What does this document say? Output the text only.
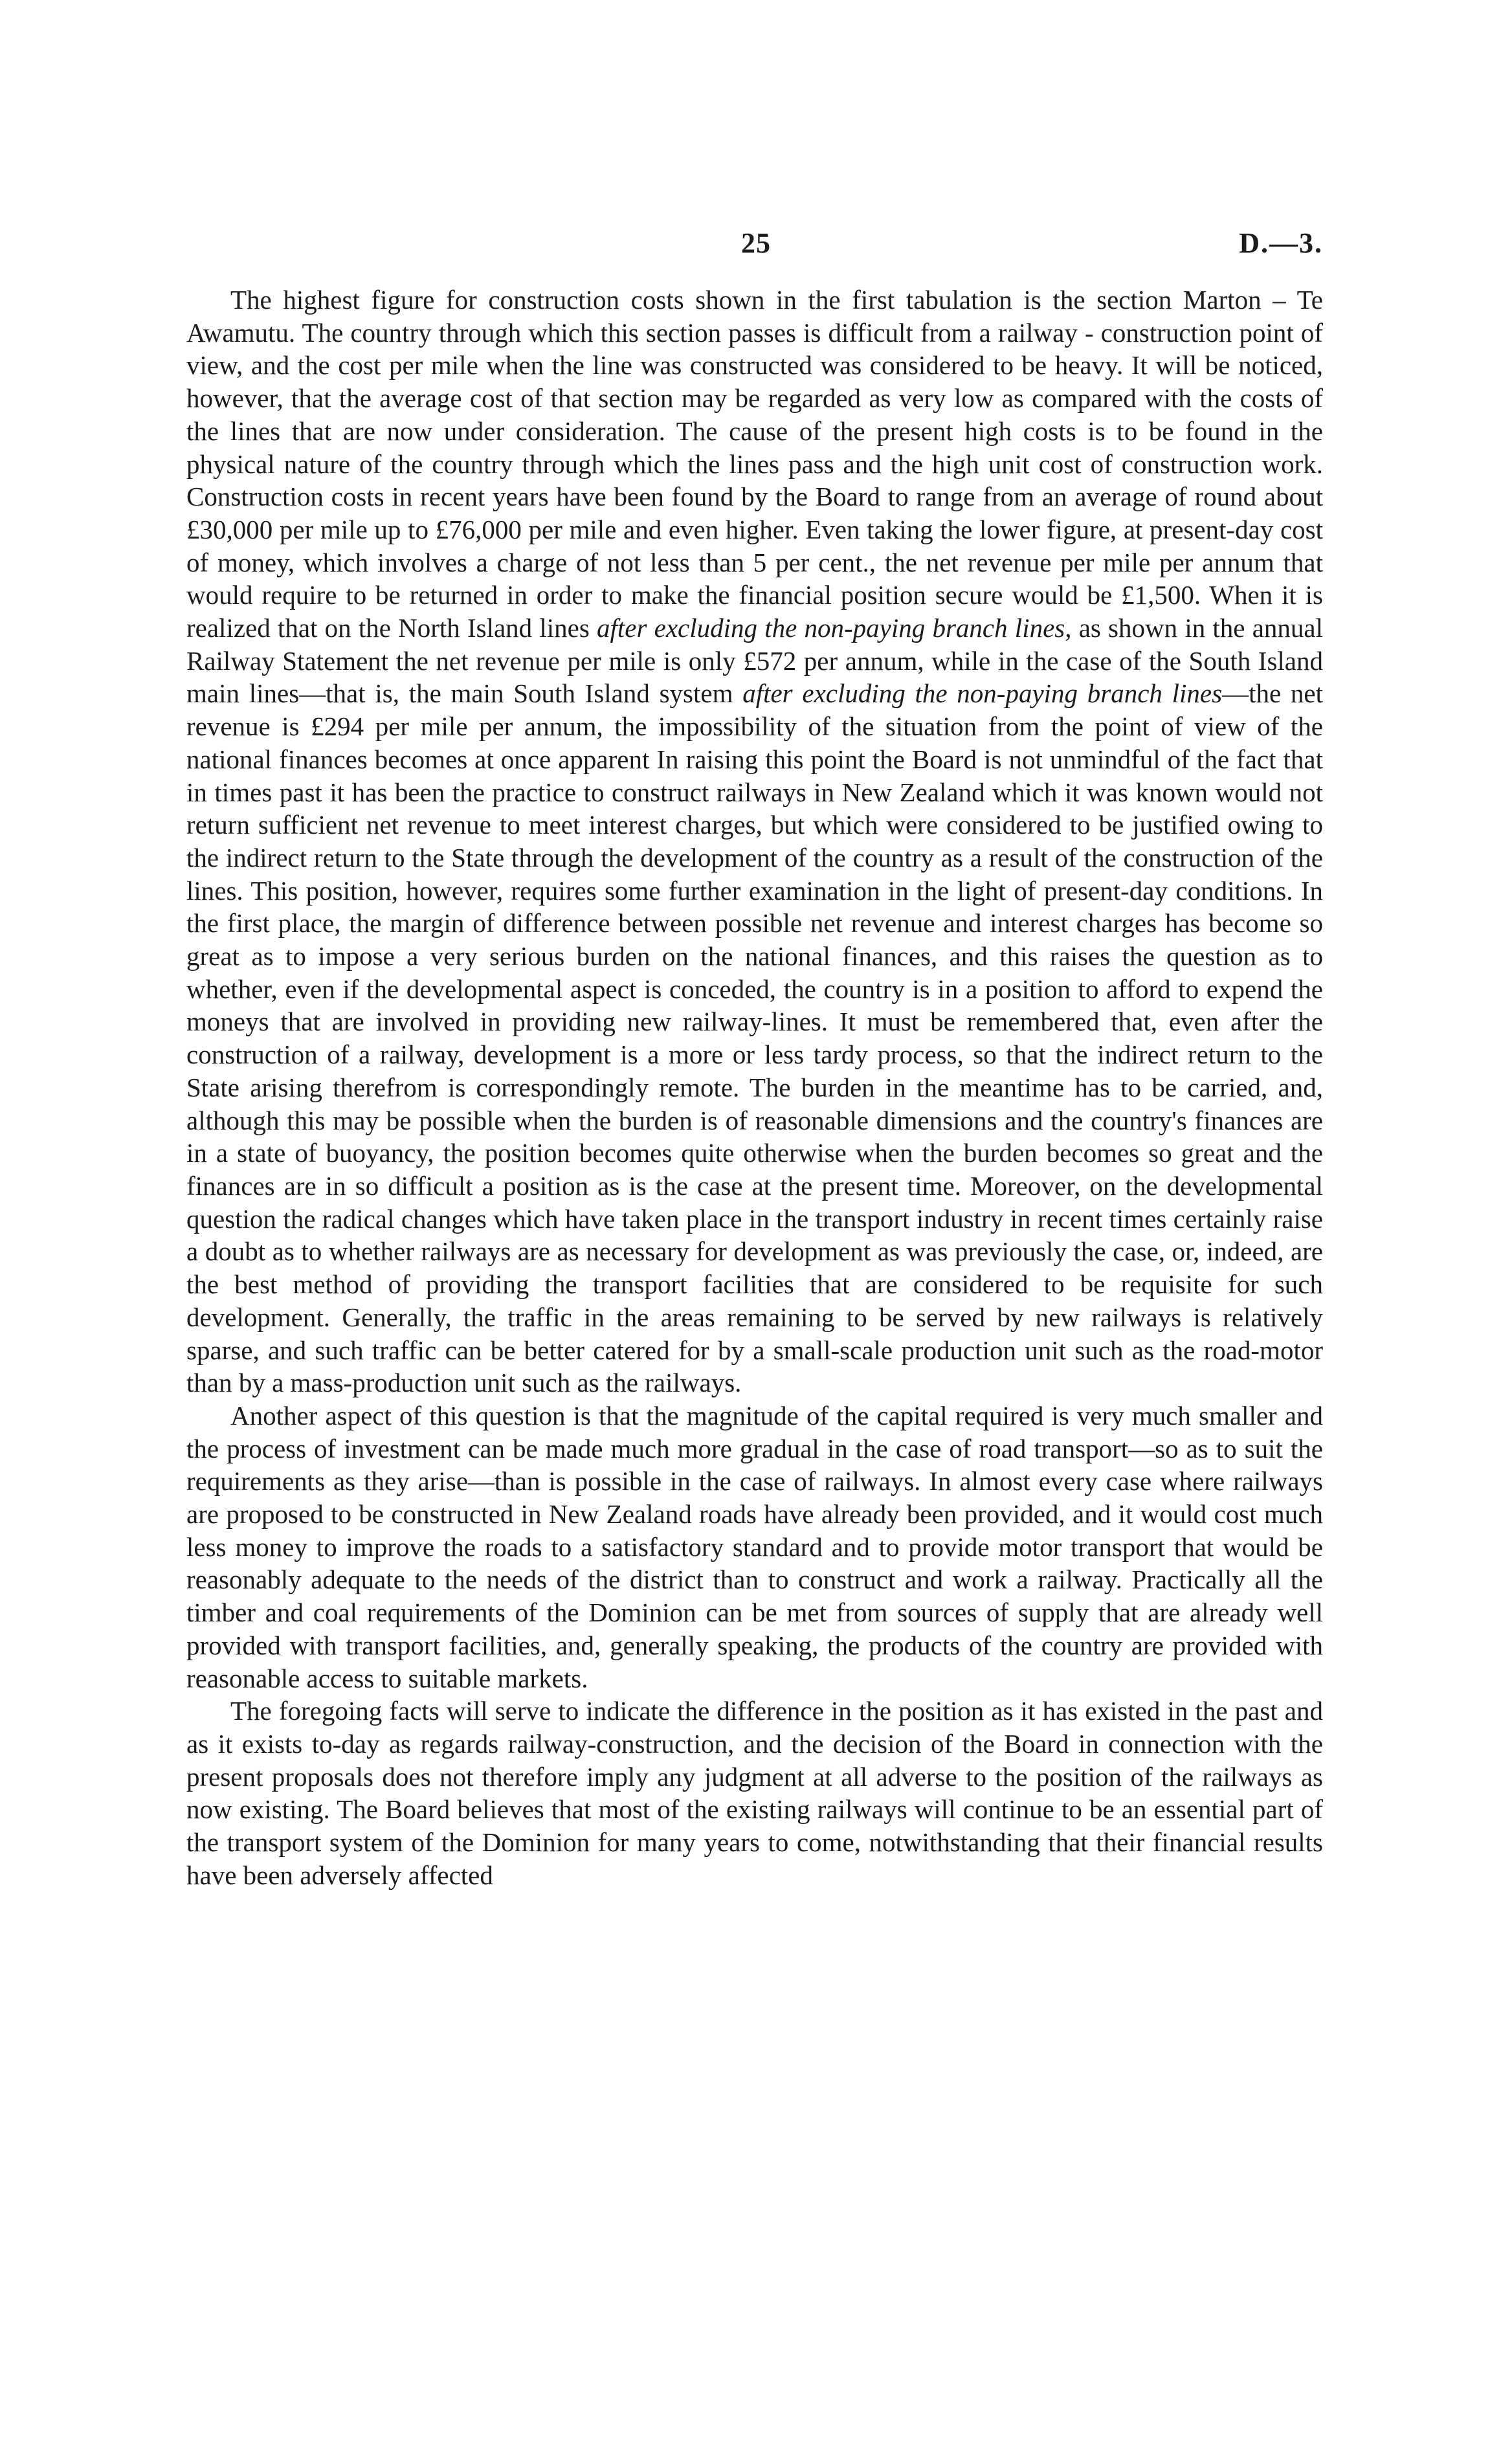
25	D.—3.

The highest figure for construction costs shown in the first tabulation is the section Marton – Te Awamutu. The country through which this section passes is difficult from a railway - construction point of view, and the cost per mile when the line was constructed was considered to be heavy. It will be noticed, however, that the average cost of that section may be regarded as very low as compared with the costs of the lines that are now under consideration. The cause of the present high costs is to be found in the physical nature of the country through which the lines pass and the high unit cost of construction work. Construction costs in recent years have been found by the Board to range from an average of round about £30,000 per mile up to £76,000 per mile and even higher. Even taking the lower figure, at present-day cost of money, which involves a charge of not less than 5 per cent., the net revenue per mile per annum that would require to be returned in order to make the financial position secure would be £1,500. When it is realized that on the North Island lines after excluding the non-paying branch lines, as shown in the annual Railway Statement the net revenue per mile is only £572 per annum, while in the case of the South Island main lines—that is, the main South Island system after excluding the non-paying branch lines—the net revenue is £294 per mile per annum, the impossibility of the situation from the point of view of the national finances becomes at once apparent In raising this point the Board is not unmindful of the fact that in times past it has been the practice to construct railways in New Zealand which it was known would not return sufficient net revenue to meet interest charges, but which were considered to be justified owing to the indirect return to the State through the development of the country as a result of the construction of the lines. This position, however, requires some further examination in the light of present-day conditions. In the first place, the margin of difference between possible net revenue and interest charges has become so great as to impose a very serious burden on the national finances, and this raises the question as to whether, even if the developmental aspect is conceded, the country is in a position to afford to expend the moneys that are involved in providing new railway-lines. It must be remembered that, even after the construction of a railway, development is a more or less tardy process, so that the indirect return to the State arising therefrom is correspondingly remote. The burden in the meantime has to be carried, and, although this may be possible when the burden is of reasonable dimensions and the country's finances are in a state of buoyancy, the position becomes quite otherwise when the burden becomes so great and the finances are in so difficult a position as is the case at the present time. Moreover, on the developmental question the radical changes which have taken place in the transport industry in recent times certainly raise a doubt as to whether railways are as necessary for development as was previously the case, or, indeed, are the best method of providing the transport facilities that are considered to be requisite for such development. Generally, the traffic in the areas remaining to be served by new railways is relatively sparse, and such traffic can be better catered for by a small-scale production unit such as the road-motor than by a mass-production unit such as the railways.

Another aspect of this question is that the magnitude of the capital required is very much smaller and the process of investment can be made much more gradual in the case of road transport—so as to suit the requirements as they arise—than is possible in the case of railways. In almost every case where railways are proposed to be constructed in New Zealand roads have already been provided, and it would cost much less money to improve the roads to a satisfactory standard and to provide motor transport that would be reasonably adequate to the needs of the district than to construct and work a railway. Practically all the timber and coal requirements of the Dominion can be met from sources of supply that are already well provided with transport facilities, and, generally speaking, the products of the country are provided with reasonable access to suitable markets.

The foregoing facts will serve to indicate the difference in the position as it has existed in the past and as it exists to-day as regards railway-construction, and the decision of the Board in connection with the present proposals does not therefore imply any judgment at all adverse to the position of the railways as now existing. The Board believes that most of the existing railways will continue to be an essential part of the transport system of the Dominion for many years to come, notwithstanding that their financial results have been adversely affected
